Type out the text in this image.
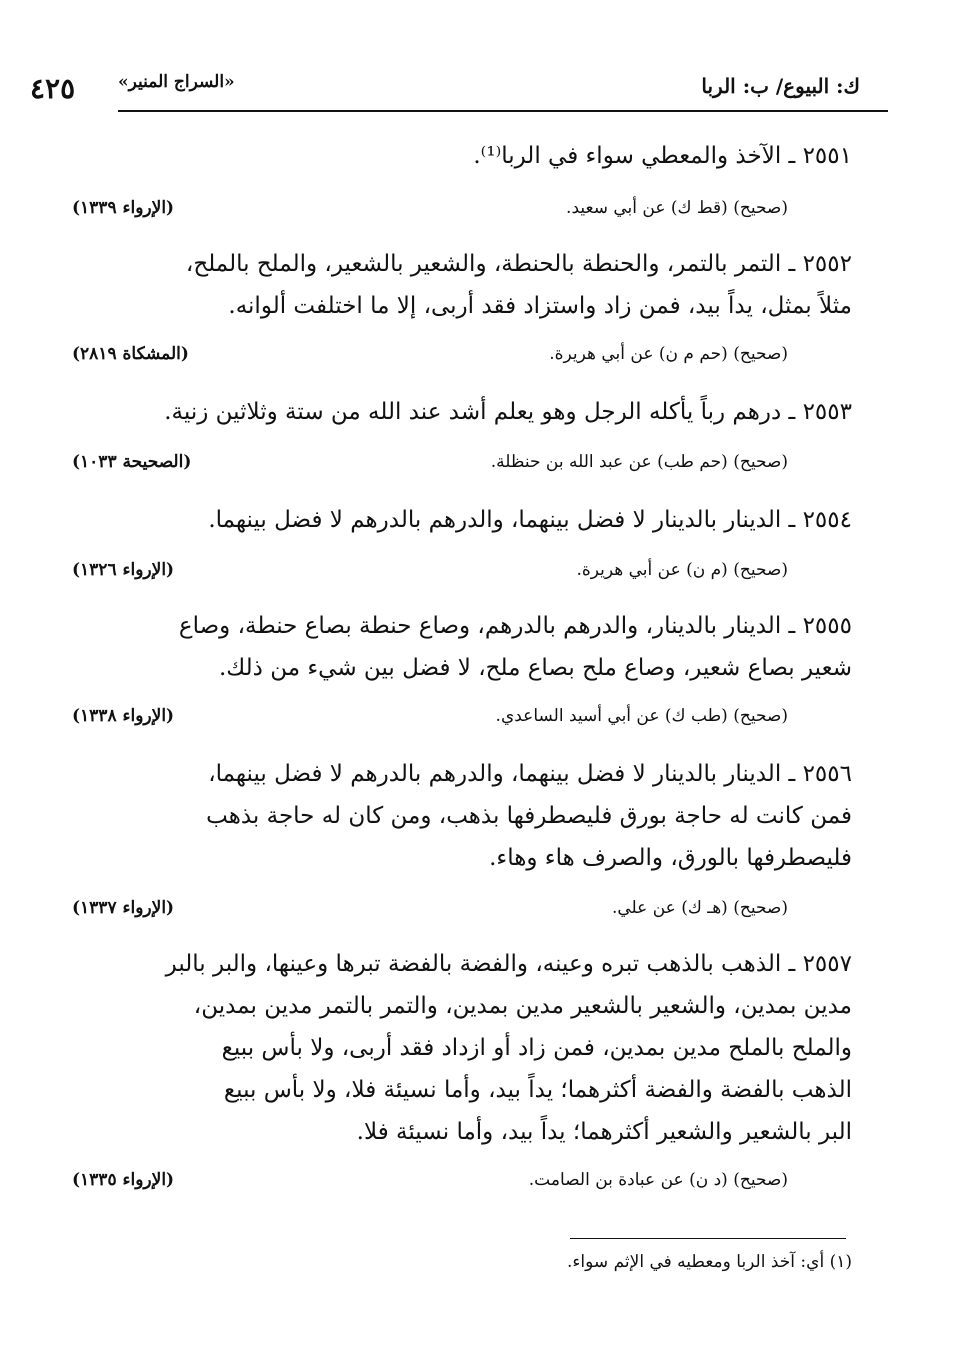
٤٢٥	«السراج المنير»	ك: البيوع/ ب: الربا
٢٥٥١ ـ الآخذ والمعطي سواء في الربا⁽¹⁾.
(صحيح) (قط ك) عن أبي سعيد.
(الإرواء ١٣٣٩)
٢٥٥٢ ـ التمر بالتمر، والحنطة بالحنطة، والشعير بالشعير، والملح بالملح،
مثلاً بمثل، يداً بيد، فمن زاد واستزاد فقد أربى، إلا ما اختلفت ألوانه.
(صحيح) (حم م ن) عن أبي هريرة.
(المشكاة ٢٨١٩)
٢٥٥٣ ـ درهم رباً يأكله الرجل وهو يعلم أشد عند الله من ستة وثلاثين زنية.
(صحيح) (حم طب) عن عبد الله بن حنظلة.
(الصحيحة ١٠٣٣)
٢٥٥٤ ـ الدينار بالدينار لا فضل بينهما، والدرهم بالدرهم لا فضل بينهما.
(صحيح) (م ن) عن أبي هريرة.
(الإرواء ١٣٢٦)
٢٥٥٥ ـ الدينار بالدينار، والدرهم بالدرهم، وصاع حنطة بصاع حنطة، وصاع
شعير بصاع شعير، وصاع ملح بصاع ملح، لا فضل بين شيء من ذلك.
(صحيح) (طب ك) عن أبي أسيد الساعدي.
(الإرواء ١٣٣٨)
٢٥٥٦ ـ الدينار بالدينار لا فضل بينهما، والدرهم بالدرهم لا فضل بينهما،
فمن كانت له حاجة بورق فليصطرفها بذهب، ومن كان له حاجة بذهب
فليصطرفها بالورق، والصرف هاء وهاء.
(صحيح) (هـ ك) عن علي.
(الإرواء ١٣٣٧)
٢٥٥٧ ـ الذهب بالذهب تبره وعينه، والفضة بالفضة تبرها وعينها، والبر بالبر
مدين بمدين، والشعير بالشعير مدين بمدين، والتمر بالتمر مدين بمدين،
والملح بالملح مدين بمدين، فمن زاد أو ازداد فقد أربى، ولا بأس ببيع
الذهب بالفضة والفضة أكثرهما؛ يداً بيد، وأما نسيئة فلا، ولا بأس ببيع
البر بالشعير والشعير أكثرهما؛ يداً بيد، وأما نسيئة فلا.
(صحيح) (د ن) عن عبادة بن الصامت.
(الإرواء ١٣٣٥)
(١) أي: آخذ الربا ومعطيه في الإثم سواء.
